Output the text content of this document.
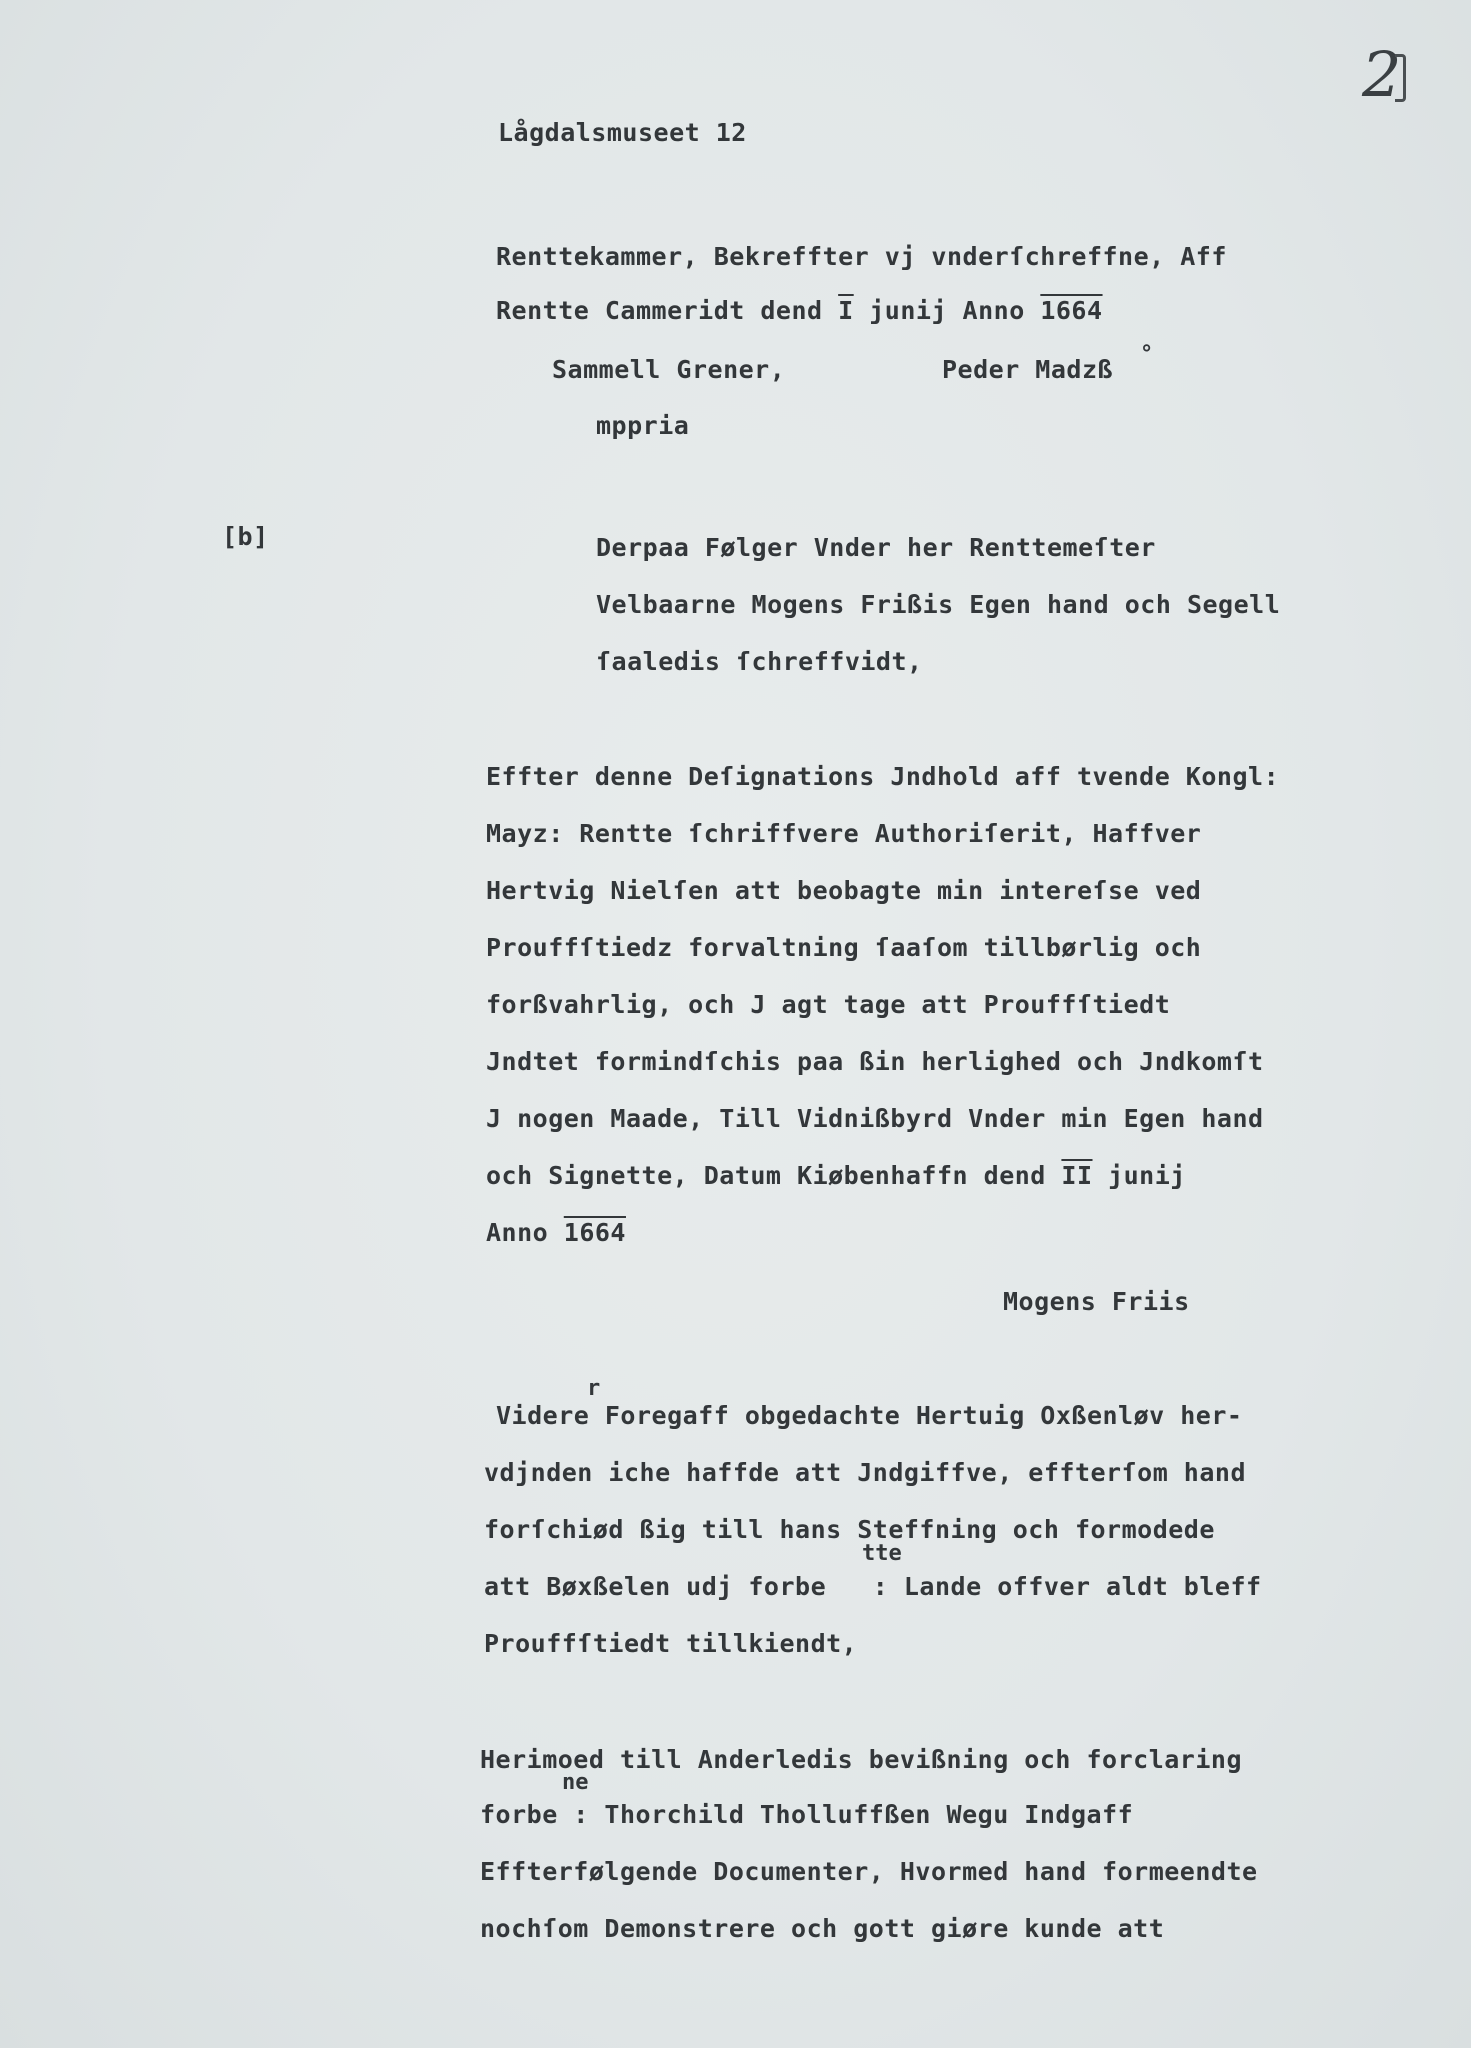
2
Lågdalsmuseet 12
Renttekammer, Bekreffter vj vnderſchreffne, Aff
Rentte Cammeridt dend $\overline{I}$ junij Anno 1664
Sammell Grener,	Peder Madzß
°
mppria
[b]	Derpaa Følger Vnder her Renttemeſter
Velbaarne Mogens Frißis Egen hand och Segell
ſaaledis ſchreffvidt,
Effter denne Deſignations Jndhold aff tvende Kongl:
Mayz: Rentte ſchriffvere Authoriſerit, Haffver
Hertvig Nielſen att beobagte min intereſse ved
Prouffſtiedz forvaltning ſaaſom tillbørlig och
forßvahrlig, och J agt tage att Prouffſtiedt
Jndtet formindſchis paa ßin herlighed och Jndkomſt
J nogen Maade, Till Vidnißbyrd Vnder min Egen hand
och Signette, Datum Kiøbenhaffn dend $\overline{II}$ junij
Anno 1664
Mogens Friis
r
Videre Foregaff obgedachte Hertuig Oxßenløv her-
vdjnden iche haffde att Jndgiffve, effterſom hand
forſchiød ßig till hans Steffning och formodede
tte
att Bøxßelen udj forbe   : Lande offver aldt bleff
Prouffſtiedt tillkiendt,
Herimoed till Anderledis bevißning och forclaring
ne
forbe : Thorchild Tholluffßen Wegu Indgaff
Effterfølgende Documenter, Hvormed hand formeendte
nochſom Demonstrere och gott giøre kunde att
